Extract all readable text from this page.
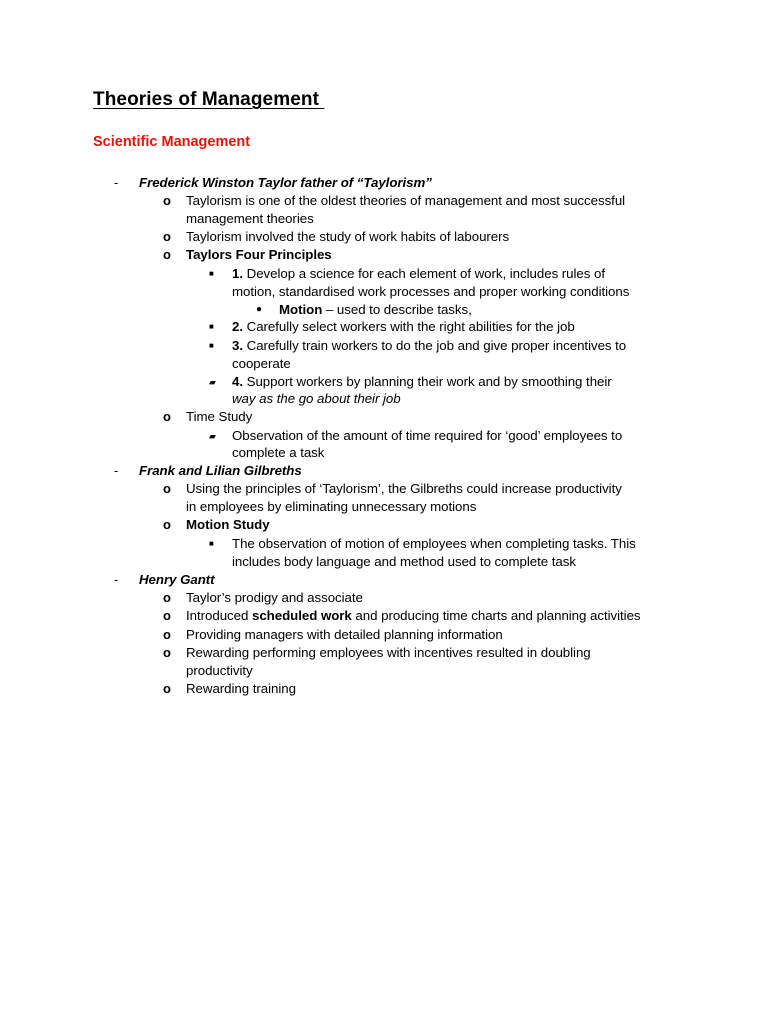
Theories of Management
Scientific Management
- Frederick Winston Taylor father of “Taylorism”
o Taylorism is one of the oldest theories of management and most successful
management theories
o Taylorism involved the study of work habits of labourers
o Taylors Four Principles
■ 1. Develop a science for each element of work, includes rules of
motion, standardised work processes and proper working conditions
● Motion – used to describe tasks,
■ 2. Carefully select workers with the right abilities for the job
■ 3. Carefully train workers to do the job and give proper incentives to
cooperate
▰ 4. Support workers by planning their work and by smoothing their
way as the go about their job
o Time Study
▰ Observation of the amount of time required for ‘good’ employees to
complete a task
- Frank and Lilian Gilbreths
o Using the principles of ‘Taylorism’, the Gilbreths could increase productivity
in employees by eliminating unnecessary motions
o Motion Study
■ The observation of motion of employees when completing tasks. This
includes body language and method used to complete task
- Henry Gantt
o Taylor’s prodigy and associate
o Introduced scheduled work and producing time charts and planning activities
o Providing managers with detailed planning information
o Rewarding performing employees with incentives resulted in doubling
productivity
o Rewarding training
